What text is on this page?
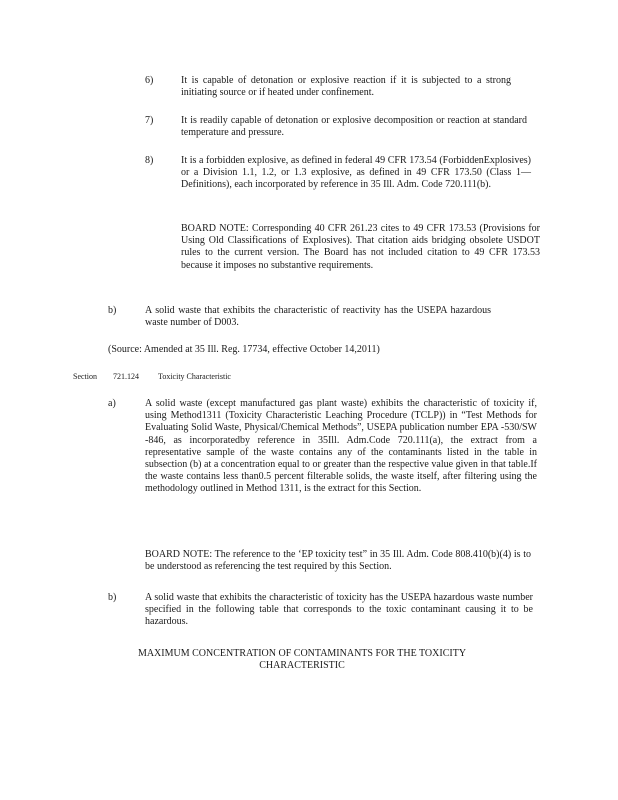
6)	It is capable of detonation or explosive reaction if it is subjected to a strong initiating source or if heated under confinement.
7)	It is readily capable of detonation or explosive decomposition or reaction at standard temperature and pressure.
8)	It is a forbidden explosive, as defined in federal 49 CFR 173.54 (ForbiddenExplosives) or a Division 1.1, 1.2, or 1.3 explosive, as defined in 49 CFR 173.50 (Class 1— Definitions), each incorporated by reference in 35 Ill. Adm. Code 720.111(b).
BOARD NOTE: Corresponding 40 CFR 261.23 cites to 49 CFR 173.53 (Provisions for Using Old Classifications of Explosives). That citation aids bridging obsolete USDOT rules to the current version. The Board has not included citation to 49 CFR 173.53 because it imposes no substantive requirements.
b)	A solid waste that exhibits the characteristic of reactivity has the USEPA hazardous waste number of D003.
(Source: Amended at 35 Ill. Reg. 17734, effective October 14,2011)
Section 721.124 Toxicity Characteristic
a)	A solid waste (except manufactured gas plant waste) exhibits the characteristic of toxicity if, using Method1311 (Toxicity Characteristic Leaching Procedure (TCLP)) in “Test Methods for Evaluating Solid Waste, Physical/Chemical Methods”, USEPA publication number EPA -530/SW -846, as incorporatedby reference in 35Ill. Adm.Code 720.111(a), the extract from a representative sample of the waste contains any of the contaminants listed in the table in subsection (b) at a concentration equal to or greater than the respective value given in that table.If the waste contains less than0.5 percent filterable solids, the waste itself, after filtering using the methodology outlined in Method 1311, is the extract for this Section.
BOARD NOTE: The reference to the ‘EP toxicity test” in 35 Ill. Adm. Code 808.410(b)(4) is to be understood as referencing the test required by this Section.
b)	A solid waste that exhibits the characteristic of toxicity has the USEPA hazardous waste number specified in the following table that corresponds to the toxic contaminant causing it to be hazardous.
MAXIMUM CONCENTRATION OF CONTAMINANTS FOR THE TOXICITY CHARACTERISTIC
